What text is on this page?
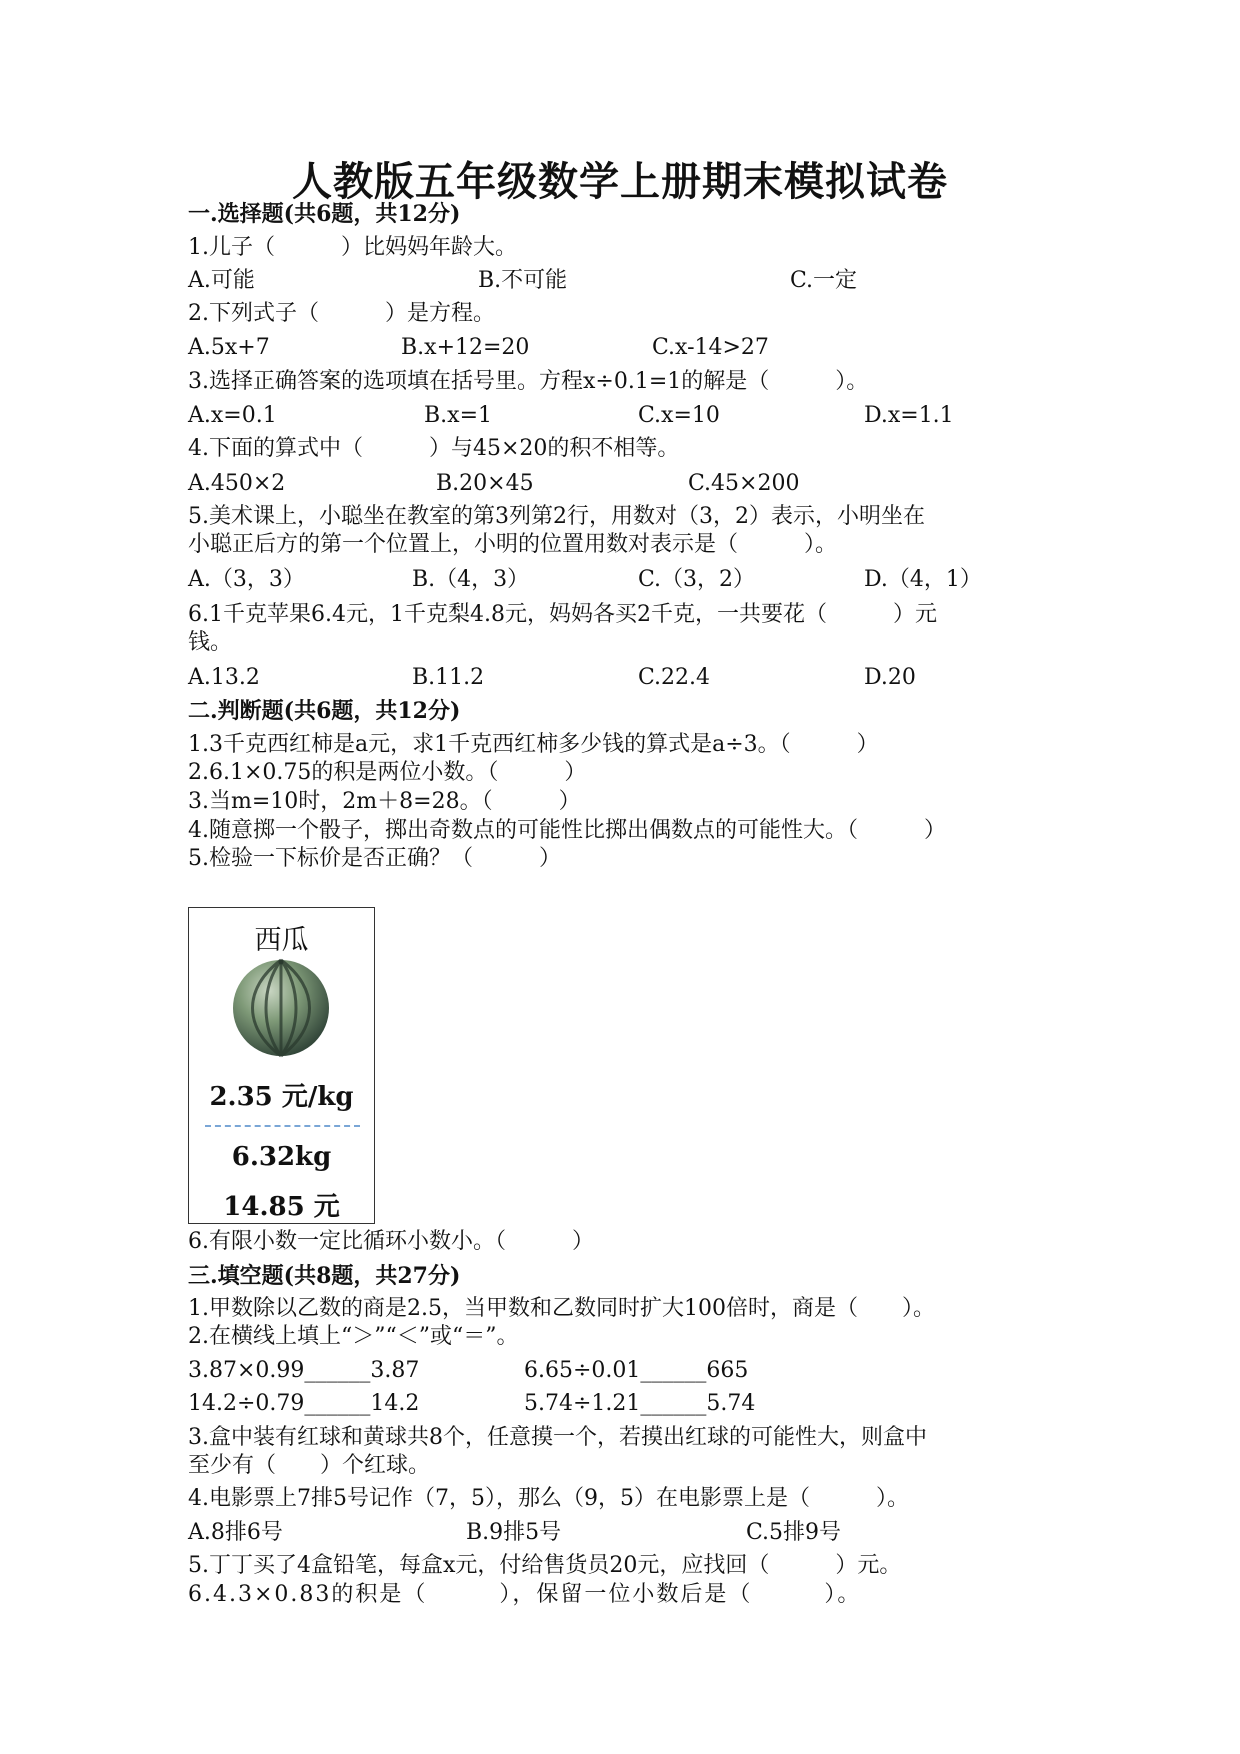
人教版五年级数学上册期末模拟试卷
一.选择题(共6题，共12分)
1.儿子（　　　）比妈妈年龄大。
A.可能	B.不可能	C.一定
2.下列式子（　　　）是方程。
A.5x+7	B.x+12=20	C.x-14>27
3.选择正确答案的选项填在括号里。方程x÷0.1=1的解是（　　　）。
A.x=0.1	B.x=1	C.x=10	D.x=1.1
4.下面的算式中（　　　）与45×20的积不相等。
A.450×2	B.20×45	C.45×200
5.美术课上，小聪坐在教室的第3列第2行，用数对（3，2）表示，小明坐在
小聪正后方的第一个位置上，小明的位置用数对表示是（　　　）。
A.（3，3）	B.（4，3）	C.（3，2）	D.（4，1）
6.1千克苹果6.4元，1千克梨4.8元，妈妈各买2千克，一共要花（　　　）元
钱。
A.13.2	B.11.2	C.22.4	D.20
二.判断题(共6题，共12分)
1.3千克西红柿是a元，求1千克西红柿多少钱的算式是a÷3。（　　　）
2.6.1×0.75的积是两位小数。（　　　）
3.当m=10时，2m＋8=28。（　　　）
4.随意掷一个骰子，掷出奇数点的可能性比掷出偶数点的可能性大。（　　　）
5.检验一下标价是否正确？（　　　）
西瓜
2.35 元/kg
6.32kg
14.85 元
6.有限小数一定比循环小数小。（　　　）
三.填空题(共8题，共27分)
1.甲数除以乙数的商是2.5，当甲数和乙数同时扩大100倍时，商是（　　）。
2.在横线上填上“＞”“＜”或“＝”。
3.87×0.99______3.87	6.65÷0.01______665
14.2÷0.79______14.2	5.74÷1.21______5.74
3.盒中装有红球和黄球共8个，任意摸一个，若摸出红球的可能性大，则盒中
至少有（　　）个红球。
4.电影票上7排5号记作（7，5），那么（9，5）在电影票上是（　　　）。
A.8排6号	B.9排5号	C.5排9号
5.丁丁买了4盒铅笔，每盒x元，付给售货员20元，应找回（　　　）元。
6.4.3×0.83的积是（　　　），保留一位小数后是（　　　）。
